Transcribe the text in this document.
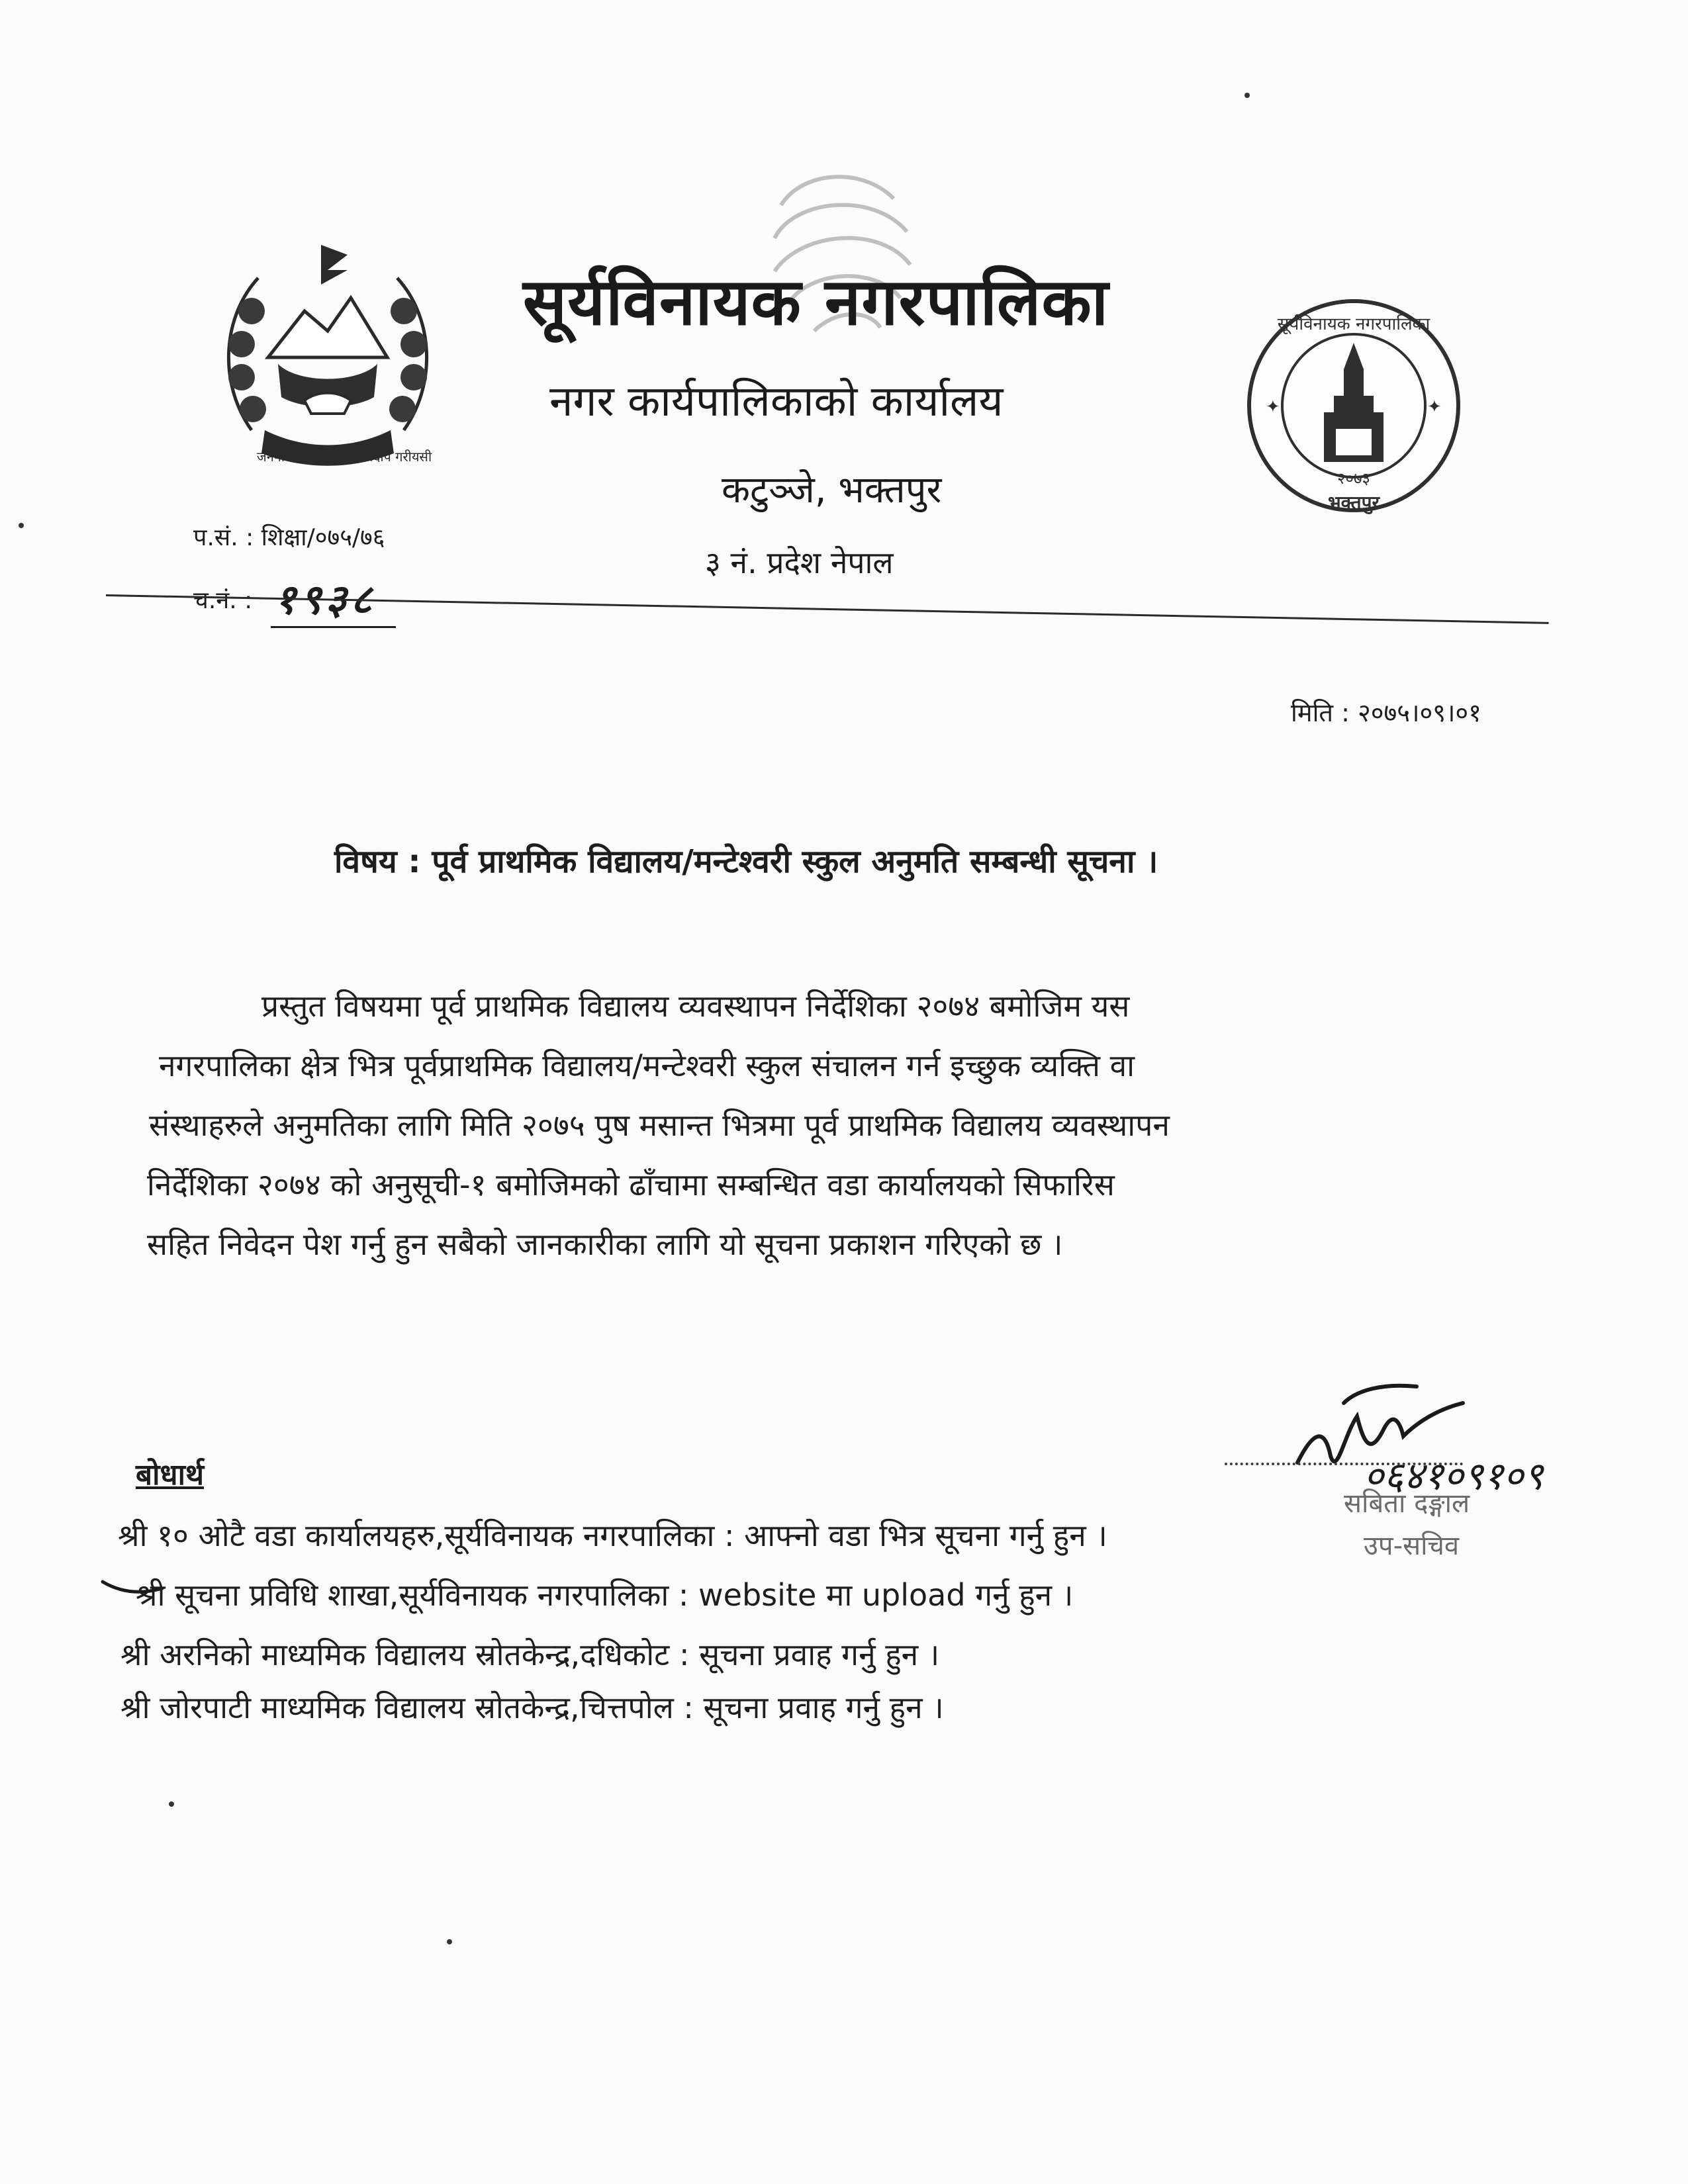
जननी जन्मभूमिश्च स्वर्गादपि गरीयसी
सूर्यविनायक नगरपालिका
नगर कार्यपालिकाको कार्यालय
कटुञ्जे, भक्तपुर
३ नं. प्रदेश नेपाल
✦	✦
सूर्यविनायक नगरपालिका
२०७३
भक्तपुर
प.सं. : शिक्षा/०७५/७६
च.नं. : १९३८
मिति : २०७५।०९।०१
विषय : पूर्व प्राथमिक विद्यालय/मन्टेश्वरी स्कुल अनुमति सम्बन्धी सूचना ।
प्रस्तुत विषयमा पूर्व प्राथमिक विद्यालय व्यवस्थापन निर्देशिका २०७४ बमोजिम यस
नगरपालिका क्षेत्र भित्र पूर्वप्राथमिक विद्यालय/मन्टेश्वरी स्कुल संचालन गर्न इच्छुक व्यक्ति वा
संस्थाहरुले अनुमतिका लागि मिति २०७५ पुष मसान्त भित्रमा पूर्व प्राथमिक विद्यालय व्यवस्थापन
निर्देशिका २०७४ को अनुसूची-१ बमोजिमको ढाँचामा सम्बन्धित वडा कार्यालयको सिफारिस
सहित निवेदन पेश गर्नु हुन सबैको जानकारीका लागि यो सूचना प्रकाशन गरिएको छ ।
०६४१०९१०९
सबिता दङ्गाल
उप-सचिव
बोधार्थ
श्री १० ओटै वडा कार्यालयहरु,सूर्यविनायक नगरपालिका : आफ्नो वडा भित्र सूचना गर्नु हुन ।
श्री सूचना प्रविधि शाखा,सूर्यविनायक नगरपालिका : website मा upload गर्नु हुन ।
श्री अरनिको माध्यमिक विद्यालय स्रोतकेन्द्र,दधिकोट : सूचना प्रवाह गर्नु हुन ।
श्री जोरपाटी माध्यमिक विद्यालय स्रोतकेन्द्र,चित्तपोल : सूचना प्रवाह गर्नु हुन ।
